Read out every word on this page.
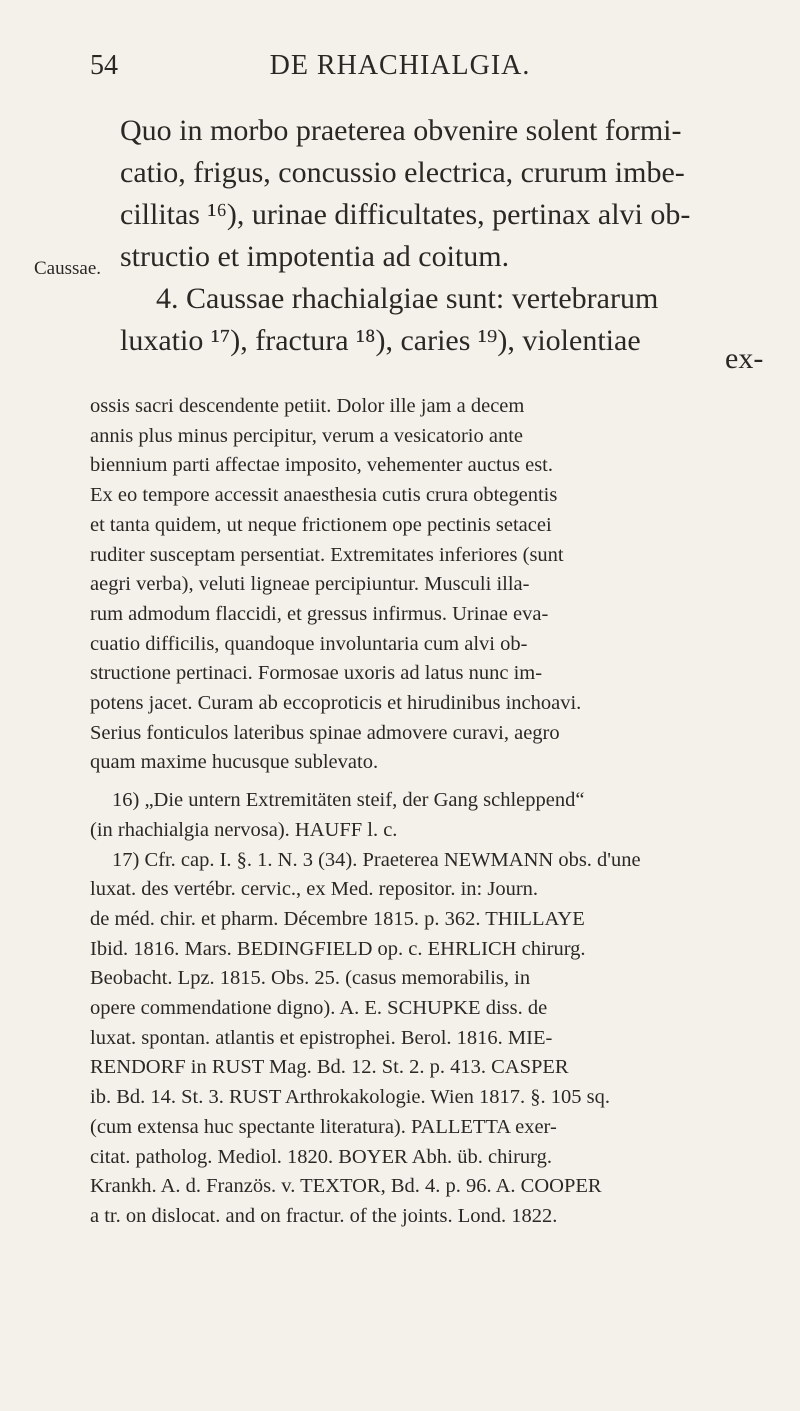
54	DE RHACHIALGIA.
Caussae.

Quo in morbo praeterea obvenire solent formi-
catio, frigus, concussio electrica, crurum imbe-
cillitas ¹⁶), urinae difficultates, pertinax alvi ob-
structio et impotentia ad coitum.
4. Caussae rhachialgiae sunt: vertebrarum
luxatio ¹⁷), fractura ¹⁸), caries ¹⁹), violentiae

ex-
ossis sacri descendente petiit. Dolor ille jam a decem
annis plus minus percipitur, verum a vesicatorio ante
biennium parti affectae imposito, vehementer auctus est.
Ex eo tempore accessit anaesthesia cutis crura obtegentis
et tanta quidem, ut neque frictionem ope pectinis setacei
ruditer susceptam persentiat. Extremitates inferiores (sunt
aegri verba), veluti ligneae percipiuntur. Musculi illa-
rum admodum flaccidi, et gressus infirmus. Urinae eva-
cuatio difficilis, quandoque involuntaria cum alvi ob-
structione pertinaci. Formosae uxoris ad latus nunc im-
potens jacet. Curam ab eccoproticis et hirudinibus inchoavi.
Serius fonticulos lateribus spinae admovere curavi, aegro
quam maxime hucusque sublevato.
16) „Die untern Extremitäten steif, der Gang schleppend“
(in rhachialgia nervosa). HAUFF l. c.
17) Cfr. cap. I. §. 1. N. 3 (34). Praeterea NEWMANN obs. d'une
luxat. des vertébr. cervic., ex Med. repositor. in: Journ.
de méd. chir. et pharm. Décembre 1815. p. 362. THILLAYE
Ibid. 1816. Mars. BEDINGFIELD op. c. EHRLICH chirurg.
Beobacht. Lpz. 1815. Obs. 25. (casus memorabilis, in
opere commendatione digno). A. E. SCHUPKE diss. de
luxat. spontan. atlantis et epistrophei. Berol. 1816. MIE-
RENDORF in RUST Mag. Bd. 12. St. 2. p. 413. CASPER
ib. Bd. 14. St. 3. RUST Arthrokakologie. Wien 1817. §. 105 sq.
(cum extensa huc spectante literatura). PALLETTA exer-
citat. patholog. Mediol. 1820. BOYER Abh. üb. chirurg.
Krankh. A. d. Französ. v. TEXTOR, Bd. 4. p. 96. A. COOPER
a tr. on dislocat. and on fractur. of the joints. Lond. 1822.
